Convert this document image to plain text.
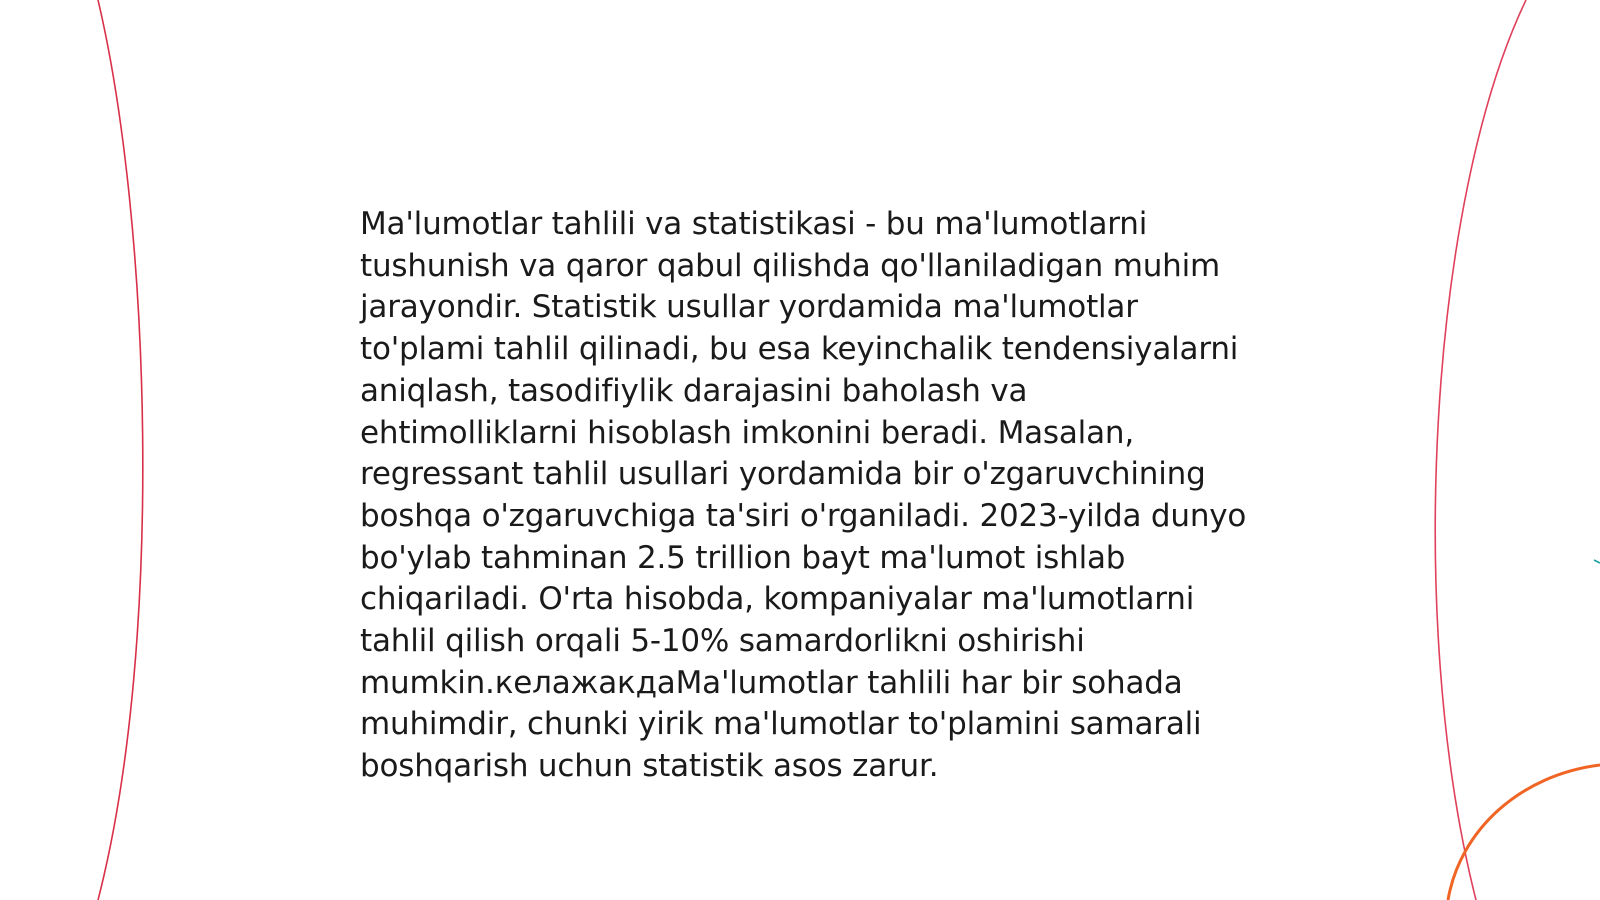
Ma'lumotlar tahlili va statistikasi - bu ma'lumotlarni tushunish va qaror qabul qilishda qo'llaniladigan muhim jarayondir. Statistik usullar yordamida ma'lumotlar to'plami tahlil qilinadi, bu esa keyinchalik tendensiyalarni aniqlash, tasodifiylik darajasini baholash va ehtimolliklarni hisoblash imkonini beradi. Masalan, regressant tahlil usullari yordamida bir o'zgaruvchining boshqa o'zgaruvchiga ta'siri o'rganiladi. 2023-yilda dunyo bo'ylab tahminan 2.5 trillion bayt ma'lumot ishlab chiqariladi. O'rta hisobda, kompaniyalar ma'lumotlarni tahlil qilish orqali 5-10% samardorlikni oshirishi mumkin.келажакдаMa'lumotlar tahlili har bir sohada muhimdir, chunki yirik ma'lumotlar to'plamini samarali boshqarish uchun statistik asos zarur.
